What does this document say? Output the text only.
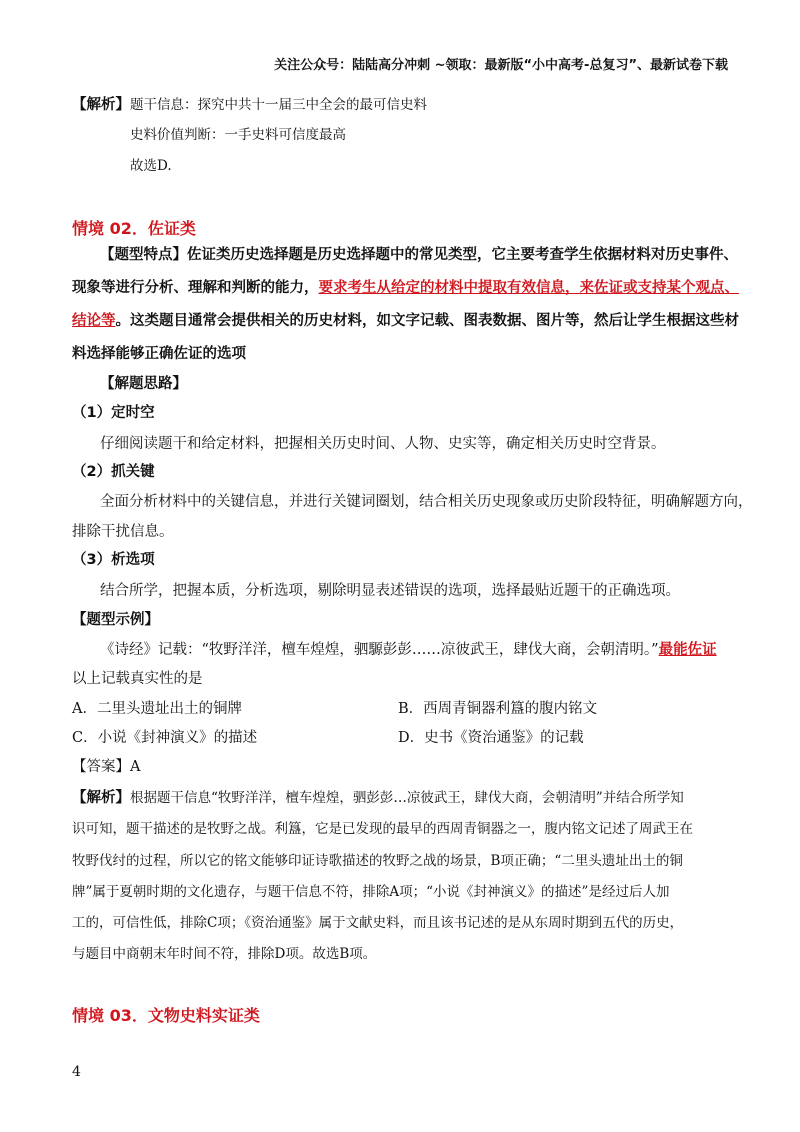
关注公众号：陆陆高分冲刺 ~领取：最新版“小中高考-总复习”、最新试卷下载
【解析】题干信息：探究中共十一届三中全会的最可信史料
史料价值判断：一手史料可信度最高
故选D.
情境 02．佐证类
【题型特点】佐证类历史选择题是历史选择题中的常见类型，它主要考查学生依据材料对历史事件、
现象等进行分析、理解和判断的能力，要求考生从给定的材料中提取有效信息，来佐证或支持某个观点、
结论等。这类题目通常会提供相关的历史材料，如文字记载、图表数据、图片等，然后让学生根据这些材
料选择能够正确佐证的选项
【解题思路】
（1）定时空
仔细阅读题干和给定材料，把握相关历史时间、人物、史实等，确定相关历史时空背景。
（2）抓关键
全面分析材料中的关键信息，并进行关键词圈划，结合相关历史现象或历史阶段特征，明确解题方向，
排除干扰信息。
（3）析选项
结合所学，把握本质，分析选项，剔除明显表述错误的选项，选择最贴近题干的正确选项。
【题型示例】
《诗经》记载：“牧野洋洋，檀车煌煌，驷騵彭彭……凉彼武王，肆伐大商，会朝清明。”最能佐证
以上记载真实性的是
A．二里头遗址出土的铜牌	B．西周青铜器利簋的腹内铭文
C．小说《封神演义》的描述	D．史书《资治通鉴》的记载
【答案】A
【解析】根据题干信息“牧野洋洋，檀车煌煌，驷彭彭…凉彼武王，肆伐大商，会朝清明”并结合所学知
识可知，题干描述的是牧野之战。利簋，它是已发现的最早的西周青铜器之一，腹内铭文记述了周武王在
牧野伐纣的过程，所以它的铭文能够印证诗歌描述的牧野之战的场景，B项正确；“二里头遗址出土的铜
牌”属于夏朝时期的文化遗存，与题干信息不符，排除A项；“小说《封神演义》的描述”是经过后人加
工的，可信性低，排除C项；《资治通鉴》属于文献史料，而且该书记述的是从东周时期到五代的历史，
与题目中商朝末年时间不符，排除D项。故选B项。
情境 03．文物史料实证类
4
